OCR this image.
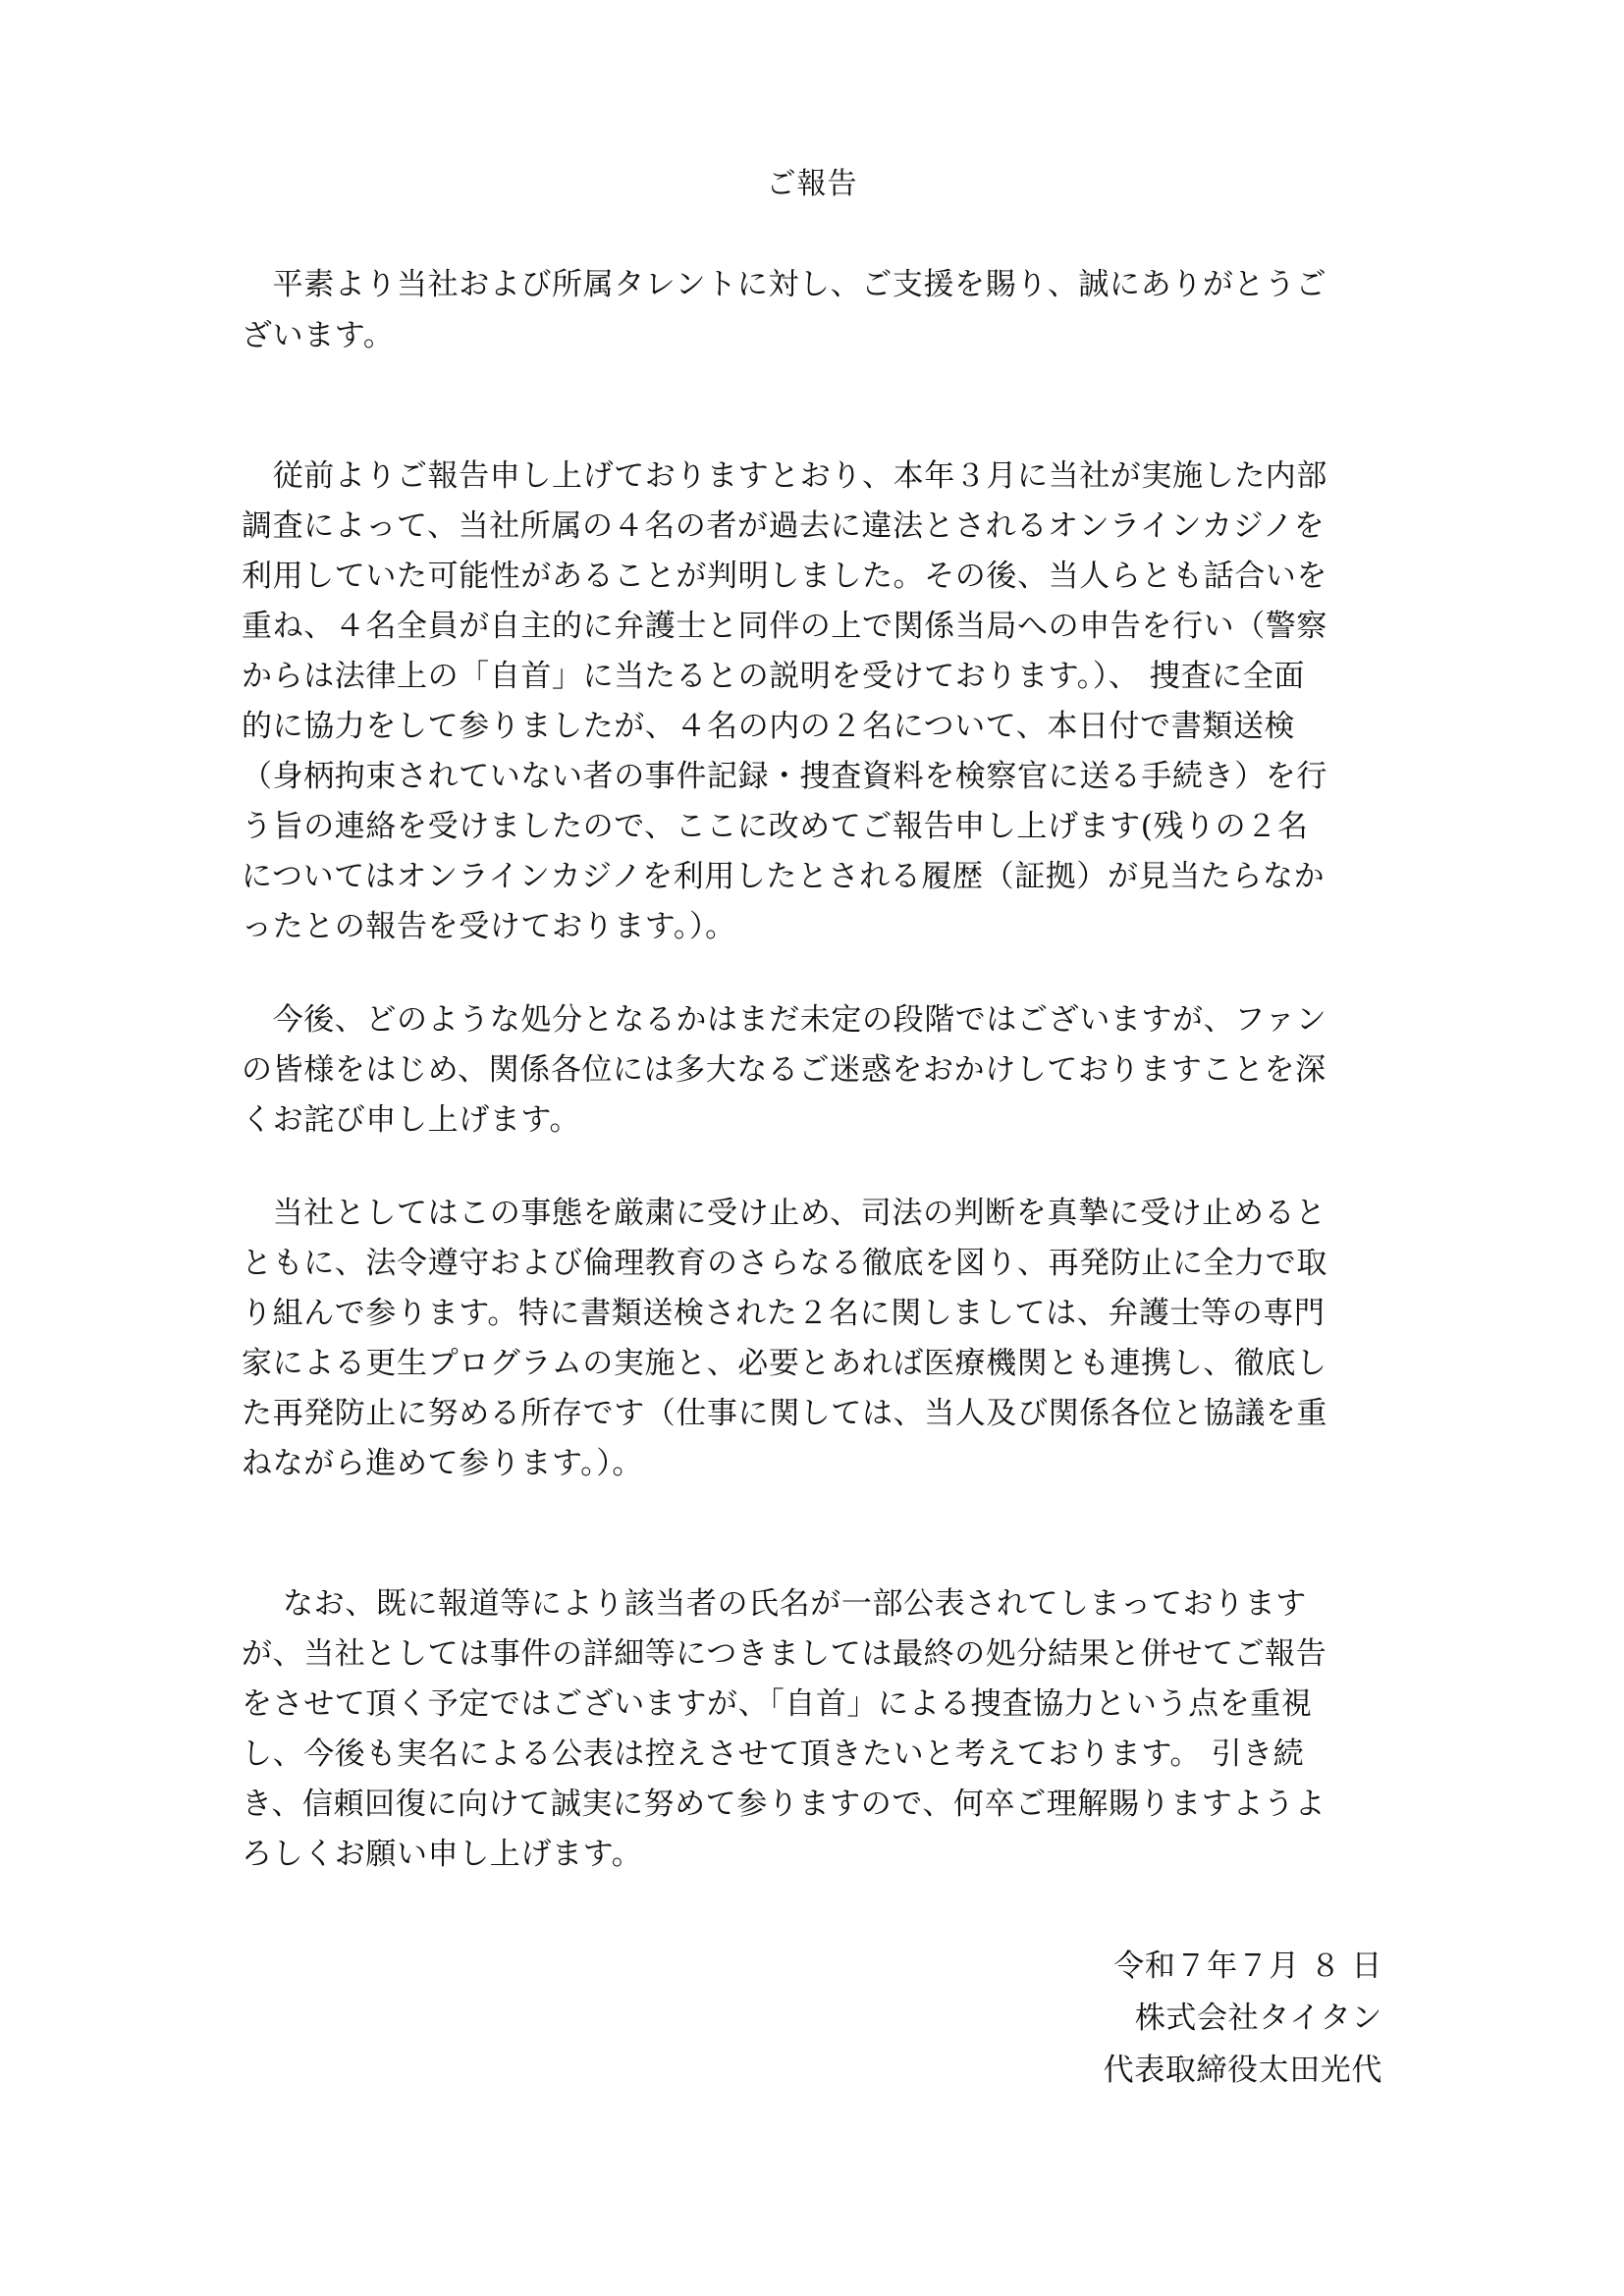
ご報告
　平素より当社および所属タレントに対し、ご支援を賜り、誠にありがとうご
ざいます。
　従前よりご報告申し上げておりますとおり、本年３月に当社が実施した内部
調査によって、当社所属の４名の者が過去に違法とされるオンラインカジノを
利用していた可能性があることが判明しました。その後、当人らとも話合いを
重ね、４名全員が自主的に弁護士と同伴の上で関係当局への申告を行い（警察
からは法律上の「自首」に当たるとの説明を受けております。）、 捜査に全面
的に協力をして参りましたが、４名の内の２名について、本日付で書類送検
（身柄拘束されていない者の事件記録・捜査資料を検察官に送る手続き）を行
う旨の連絡を受けましたので、ここに改めてご報告申し上げます(残りの２名
についてはオンラインカジノを利用したとされる履歴（証拠）が見当たらなか
ったとの報告を受けております。）。
　今後、どのような処分となるかはまだ未定の段階ではございますが、ファン
の皆様をはじめ、関係各位には多大なるご迷惑をおかけしておりますことを深
くお詫び申し上げます。
　当社としてはこの事態を厳粛に受け止め、司法の判断を真摯に受け止めると
ともに、法令遵守および倫理教育のさらなる徹底を図り、再発防止に全力で取
り組んで参ります。特に書類送検された２名に関しましては、弁護士等の専門
家による更生プログラムの実施と、必要とあれば医療機関とも連携し、徹底し
た再発防止に努める所存です（仕事に関しては、当人及び関係各位と協議を重
ねながら進めて参ります。）。
　 なお、既に報道等により該当者の氏名が一部公表されてしまっております
が、当社としては事件の詳細等につきましては最終の処分結果と併せてご報告
をさせて頂く予定ではございますが、「自首」による捜査協力という点を重視
し、今後も実名による公表は控えさせて頂きたいと考えております。 引き続
き、信頼回復に向けて誠実に努めて参りますので、何卒ご理解賜りますようよ
ろしくお願い申し上げます。
令和７年７月 ８ 日
株式会社タイタン
代表取締役太田光代
